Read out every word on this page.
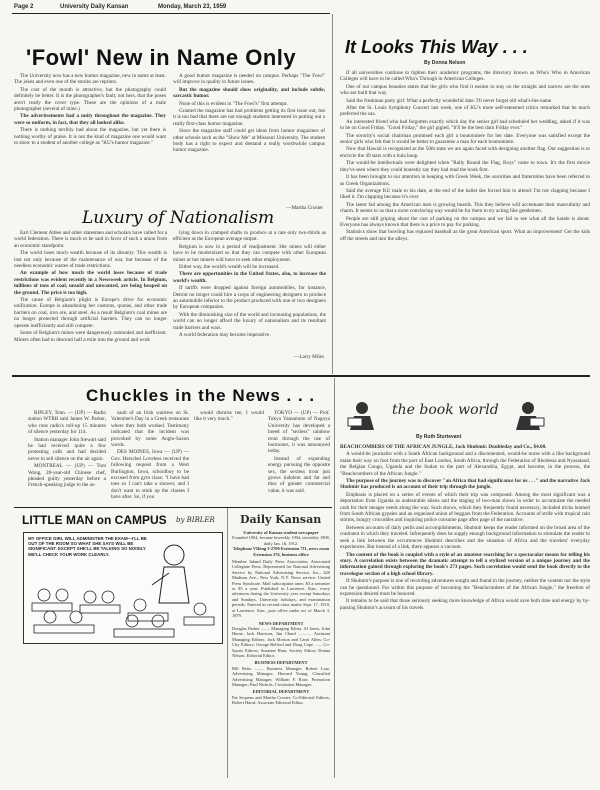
Page 2	University Daily Kansan	Monday, March 23, 1959
'Fowl' New in Name Only

The University now has a new humor magazine, new in name at least. The jokes and even one of the stories are reprints.

The cost of the month is attractive, but the photography could definitely be better. It is the photographer's fault, not hers, that the poses aren't really the cover type. These are the opinions of a male photographer (several of mine.)

The advertisements had a unity throughout the magazine. They were so uniform, in fact, that they all looked alike.

There is nothing terribly bad about the magazine, but yet there is nothing worthy of praise. It is not the kind of magazine one would want to show to a student of another college as "KU's humor magazine."

A good humor magazine is needed on campus. Perhaps "The Fowl" will improve in quality in future issues.

But the magazine should show originality, and include subtle, sarcastic humor.

None of this is evident in "The Fowl's" first attempt.

Granted the magazine has had problems getting its first issue out, but it is too bad that there are not enough students interested in putting out a really first-class humor magazine.

Since the magazine staff could get ideas from humor magazines of other schools such as the "Show Me" at Missouri University. The student body has a right to expect and demand a really worthwhile campus humor magazine.

—Martha Crosier
Luxury of Nationalism

Earl Clement Attlee and other statesmen and scholars have called for a world federation. There is much to be said in favor of such a union from an economic standpoint.

The world loses much wealth because of its disunity. This wealth is lost not only because of the maintenance of war, but because of the needless economic wastes of trade restrictions.

An example of how much the world loses because of trade restrictions was evident recently in a Newsweek article. In Belgium, millions of tons of coal, unsold and unwanted, are being heaped on the ground. The price is too high.

The cause of Belgium's plight is Europe's drive for economic unification. Europe is abandoning her customs, quotas, and other trade barriers on coal, iron ore, and steel. As a result Belgium's coal mines are no longer protected through artificial barriers. They can no longer operate inefficiently and still compete.

Some of Belgium's mines were dangerously outmoded and inefficient. Miners often had to descend half a mile into the ground and work

lying down in cramped shafts to produce at a rate only two-thirds as efficient as the European average output.

Belgium is now in a period of readjustment. Her mines will either have to be modernized so that they can compete with other European mines or her miners will have to seek other employment.

Either way, the world's wealth will be increased.

There are opportunities in the United States, also, to increase the world's wealth.

If tariffs were dropped against foreign automobiles, for instance, Detroit no longer could hire a corps of engineering designers to produce an automobile inferior to the product produced with one or two designers by European companies.

With the diminishing size of the world and increasing populations, the world can no longer afford the luxury of nationalism and its resultant trade barriers and wars.

A world federation may become imperative.

—Larry Miles
It Looks This Way . . .
By Donna Nelson

If all universities continue to tighten their academic programs, the directory known as Who's Who in American Colleges will have to be called Who's Through in American Colleges.

One of our campus beauties states that the girls who find it easiest to stay on the straight and narrow are the ones who are built that way.

Said the freshman party girl: What a perfectly wonderful date. I'll never forget old what's-his-name.

After the St. Louis Symphony Concert last week, one of KU's more self-esteemed critics remarked that he much preferred the sax.

An interested friend who had forgotten exactly which day the senior girl had scheduled her wedding, asked if it was to be on Good Friday. "Good Friday," the girl gigled, "It'll be the best darn Friday ever."

The sorority's social chairman promised each girl a boutonniere for her date. Everyone was satisfied except the senior girls who felt that it would be better to guarantee a man for each boutonniere.

Now that Hawaii is recognized as the 50th state we are again faced with designing another flag. Our suggestion is to encircle the 49 stars with a hula hoop.

The would-be intellectuals were delighted when "Rally Round the Flag, Boys" came to town. It's the first movie they've seen where they could honestly say they had read the book first.

It has been brought to our attention in keeping with Greek Week, the sororities and fraternities have been referred to as Greek Organizations.

Said the average KU male to his date, at the end of the ballet she forced him to attend: I'm not clapping because I liked it. I'm clapping because it's over.

The latest fad among the American men is growing beards. This they believe will accentuate their masculinity and charm. It seems to us that a more convincing way would be for them to try acting like gentlemen.

People are still griping about the cost of parking on the campus and we fail to see what all the hassle is about. Everyone has always known that there is a price to pay for parking.

Statistics show that bowling has replaced baseball as the great American sport. What an improvement! Get the kids off the streets and into the alleys.

Chuckles in the News . . .

RIPLEY, Tenn. — (UP) — Radio station WTRB said James W. Parker, who runs radio's roll-up 15 minutes of silence yesterday for 114.

Station manager John Stewart said he had received quite a few protesting calls and had decided never to sell silence on the air again.

MONTREAL — (UP) — Tom Wong, 28-year-old Chinese chef, pleaded guilty yesterday before a French-speaking judge to the as-

sault of an Irish waitress on St. Valentine's Day in a Greek restaurant where they both worked. Testimony indicated that the incident was provoked by some Anglo-Saxon words.

DES MOINES, Iowa — (UP) — Gov. Herschel Loveless received the following request from a West Burlington, Iowa, schoolboy to be excused from gym class: "I have bad toes so I can't take a shower, and I don't want to stink up the classes I have after. So, if you

would dismiss me, I would like it very much."

TOKYO — (UP) — Prof. Tokyo Yamamoto of Nagoya University has developed a breed of "sexless" rainbow trout through the use of hormones, it was announced today.

Instead of expending energy pursuing the opposite sex, the sexless trout just grows indolent and fat and thus of greater commercial value, it was said.

LITTLE MAN on CAMPUS by BIBLER
MY OFFICE GIRL WILL ADMINISTER THE EXAM—I'LL BE OUT OF THE ROOM SO WHAT SHE SAYS WILL BE SIGNIFICANT. EXCEPT SHE'LL BE TALKING SO NOISILY WE'LL CHECK YOUR WORK CLEARLY.
Daily Kansan
University of Kansas student newspaper
Founded 1904, became biweekly 1904, triweekly 1908, daily Jan. 16, 1912.
Telephone VIking 3-2700 Extension 711, news room Extension 376, business office
Member Inland Daily Press Association, Associated Collegiate Press. Represented for National Advertising Service by National Advertising Service, Inc., 420 Madison Ave., New York, N.Y. News service: United Press Syndicate. Mail subscription rates: $3 a semester or $5 a year. Published in Lawrence, Kan., every afternoon during the University year except Saturdays and Sundays, University holidays, and examination periods. Entered as second-class matter Sept. 17, 1910, at Lawrence, Kan., post office under act of March 3, 1879.
NEWS DEPARTMENT
Douglas Parker ........ Managing Editor. Al Jones, John Hume, Jack Harrison, Jim Chard ............ Assistant Managing Editors; Jack Morton and Carol Allen, Co-City Editors; George Belford and Doug Cope ....... Co-Sports Editors; Suzanne Harn, Society Editor; Donna Nelson, Editorial Editor.
BUSINESS DEPARTMENT
Bill Reitz ........ Business Manager. Robert Lutz, Advertising Manager; Howard Young, Classified Advertising Manager; William F. Rose, Promotion Manager; Paul Nichols, Circulation Manager.
EDITORIAL DEPARTMENT
Pat Sequens and Martha Crosier, Co-Editorial Editors; Robert Haruf, Associate Editorial Editor.
the book world
By Ruth Sturtevant

BEACHCOMBERS OF THE AFRICAN JUNGLE, Jack Shubmir. Doubleday and Co., $4.00.

A would-be journalist with a South African background and a discontented, would-be nurse with a like background make their way on foot from the port of East London, South Africa, through the Federation of Rhodesia and Nyasaland, the Belgian Congo, Uganda and the Sudan to the port of Alexandria, Egypt, and become, in the process, the "Beachcombers of the African Jungle."

The purpose of the journey was to discover "an Africa that had significance for us . . ." and the narrative Jack Shubmir has produced is an account of their trip through the jungle.

Emphasis is placed on a series of events of which their trip was composed. Among the most significant was a deportation from Uganda as undesirable aliens and the staging of two-man shows in order to accumulate the needed cash for their meager needs along the way. Such shows, which they frequently found necessary, included tricks learned from South African gypsies and an organized union of beggars from the Federation. Accounts of strife with tropical rain storms, hungry crocodiles and inquiring police consume page after page of the narrative.

Between accounts of daily perils and accomplishments, Shubmir keeps the reader informed on the broad area of the continent in which they traveled. Infrequently does he supply enough background information to stimulate the reader to seek a link between the occurrences Shubmir describes and the situation of Africa and the travelers' everyday experiences. But instead of a link, there appears a vacuum.

The content of the book is coupled with a style of an amateur searching for a spectacular means for telling his story. A correlation exists between the dramatic attempt to tell a stylized version of a unique journey and the information gained through exploring the book's 273 pages. Such correlation would send the book directly to the travelogue section of a high school library.

If Shubmir's purpose is one of recording adventures sought and found in the journey, neither the content nor the style can be questioned. For within this purpose of becoming the "Beachcombers of the African Jungle," the freedom of expression desired must be honored.

It remains to be said that those seriously seeking more knowledge of Africa would save both time and energy by by-passing Shubmir's account of his travels.
